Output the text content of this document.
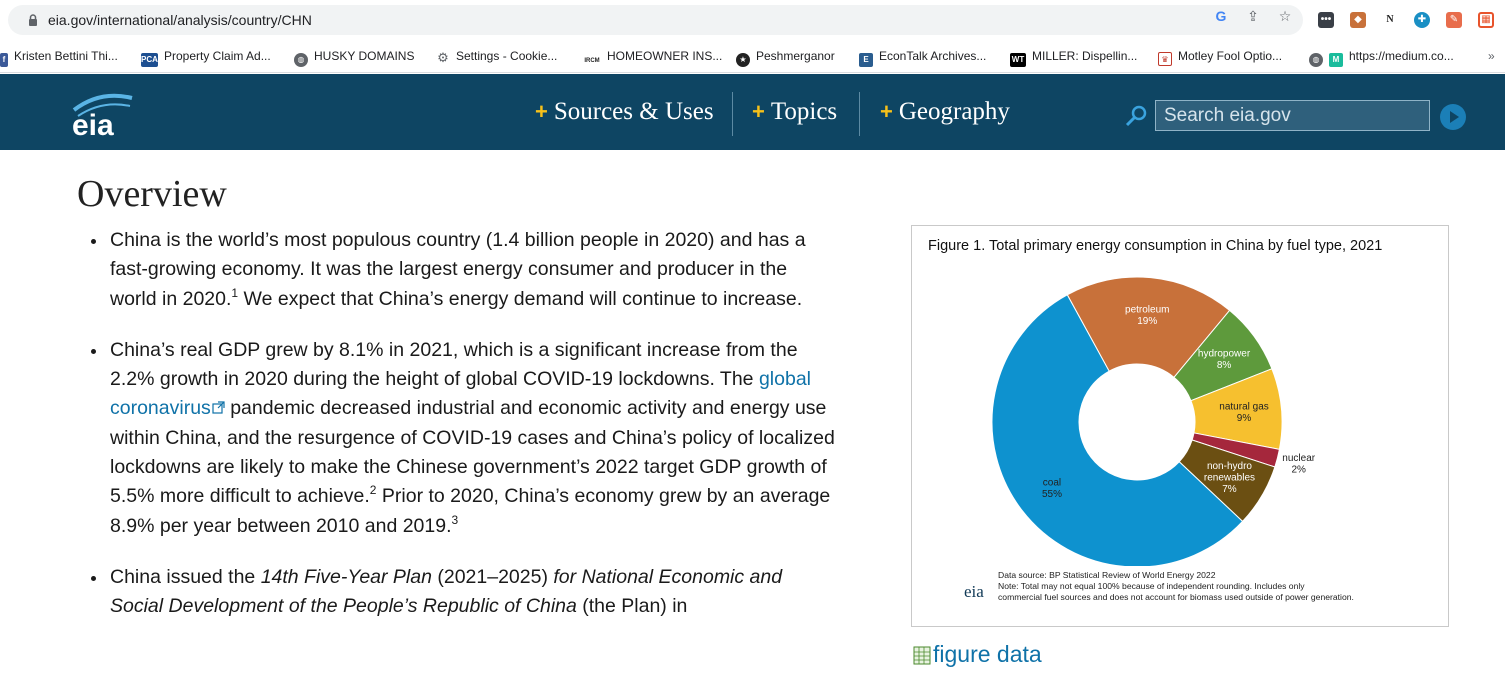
eia.gov/international/analysis/country/CHN	G ⇪ ☆	•••	◆	N	✚	✎	▦
f Kristen Bettini Thi...	PCA Property Claim Ad...	◍ HUSKY DOMAINS ⚙ Settings - Cookie...	IRCM HOMEOWNER INS...	★ Peshmerganor	E EconTalk Archives...	WT MILLER: Dispellin...	♛ Motley Fool Optio...	◍ M https://medium.co...	»
eia	+ Sources & Uses + Topics + Geography
Search eia.gov
Overview
China is the world’s most populous country (1.4 billion people in 2020) and has a fast-growing economy. It was the largest energy consumer and producer in the world in 2020.$^1$ We expect that China’s energy demand will continue to increase.
China’s real GDP grew by 8.1% in 2021, which is a significant increase from the 2.2% growth in 2020 during the height of global COVID-19 lockdowns. The global coronavirus pandemic decreased industrial and economic activity and energy use within China, and the resurgence of COVID-19 cases and China’s policy of localized lockdowns are likely to make the Chinese government’s 2022 target GDP growth of 5.5% more difficult to achieve.$^2$ Prior to 2020, China’s economy grew by an average 8.9% per year between 2010 and 2019.$^3$
China issued the 14th Five-Year Plan (2021–2025) for National Economic and Social Development of the People’s Republic of China (the Plan) in
Figure 1. Total primary energy consumption in China by fuel type, 2021
petroleum 19%
hydropower 8%
natural gas 9%
nuclear 2%
non-hydro renewables 7%
coal 55%
eia
Data source: BP Statistical Review of World Energy 2022
Note: Total may not equal 100% because of independent rounding. Includes only
commercial fuel sources and does not account for biomass used outside of power generation.
figure data
